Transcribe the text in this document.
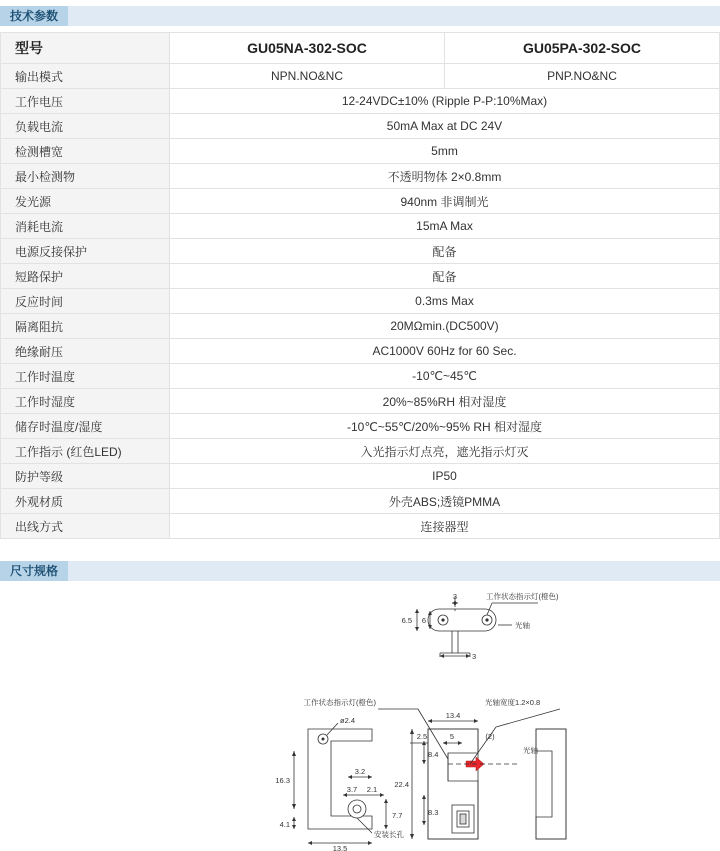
技术参数
型号	GU05NA-302-SOC	GU05PA-302-SOC
输出模式	NPN.NO&NC	PNP.NO&NC
工作电压	12-24VDC±10% (Ripple P-P:10%Max)	
负载电流	50mA Max at DC 24V	
检测槽宽	5mm	
最小检测物	不透明物体 2×0.8mm	
发光源	940nm 非调制光	
消耗电流	15mA Max	
电源反接保护	配备	
短路保护	配备	
反应时间	0.3ms Max	
隔离阻抗	20MΩmin.(DC500V)	
绝缘耐压	AC1000V 60Hz for 60 Sec.	
工作时温度	-10℃~45℃	
工作时湿度	20%~85%RH 相对湿度	
储存时温度/湿度	-10℃~55℃/20%~95% RH 相对湿度	
工作指示 (红色LED)	入光指示灯点亮，遮光指示灯灭	
防护等级	IP50	
外观材质	外壳ABS;透镜PMMA	
出线方式	连接器型	
尺寸规格
3
6.5 6
工作状态指示灯(橙色)
光轴
3
ø2.4
16.3
4.1
3.2
3.7 2.1
7.7
13.5
安装长孔
13.4
2.5	5	(2)
8.4
22.4
8.3
光轴
工作状态指示灯(橙色)	光轴宽度1.2×0.8
